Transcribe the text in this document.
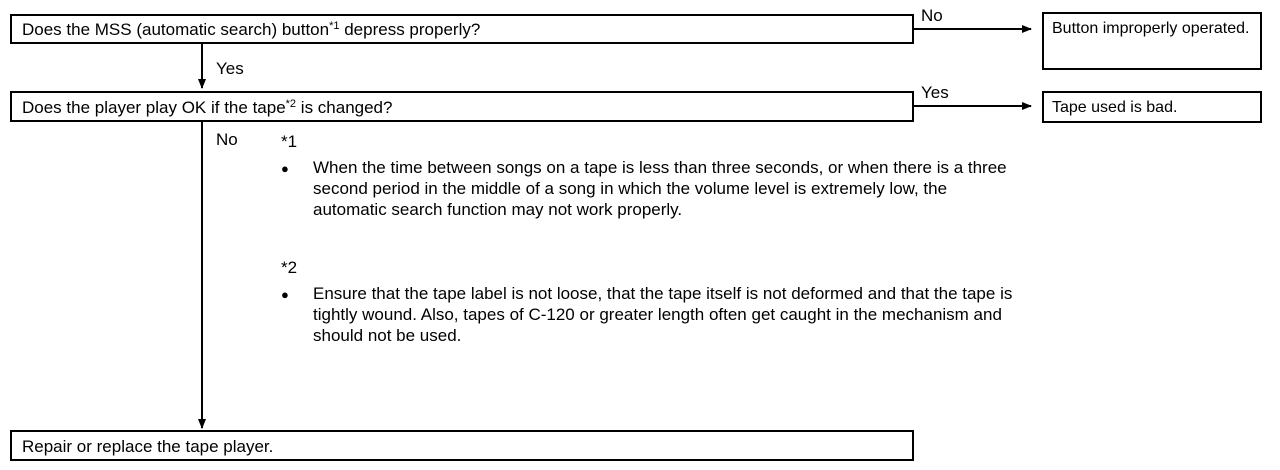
Does the MSS (automatic search) button$^{*1}$ depress properly?
No
Button improperly operated.
Yes
Does the player play OK if the tape$^{*2}$ is changed?
Yes
Tape used is bad.
No	*1
● When the time between songs on a tape is less than three seconds, or when there is a three second period in the middle of a song in which the volume level is extremely low, the automatic search function may not work properly.
*2
● Ensure that the tape label is not loose, that the tape itself is not deformed and that the tape is tightly wound. Also, tapes of C-120 or greater length often get caught in the mechanism and should not be used.
Repair or replace the tape player.
